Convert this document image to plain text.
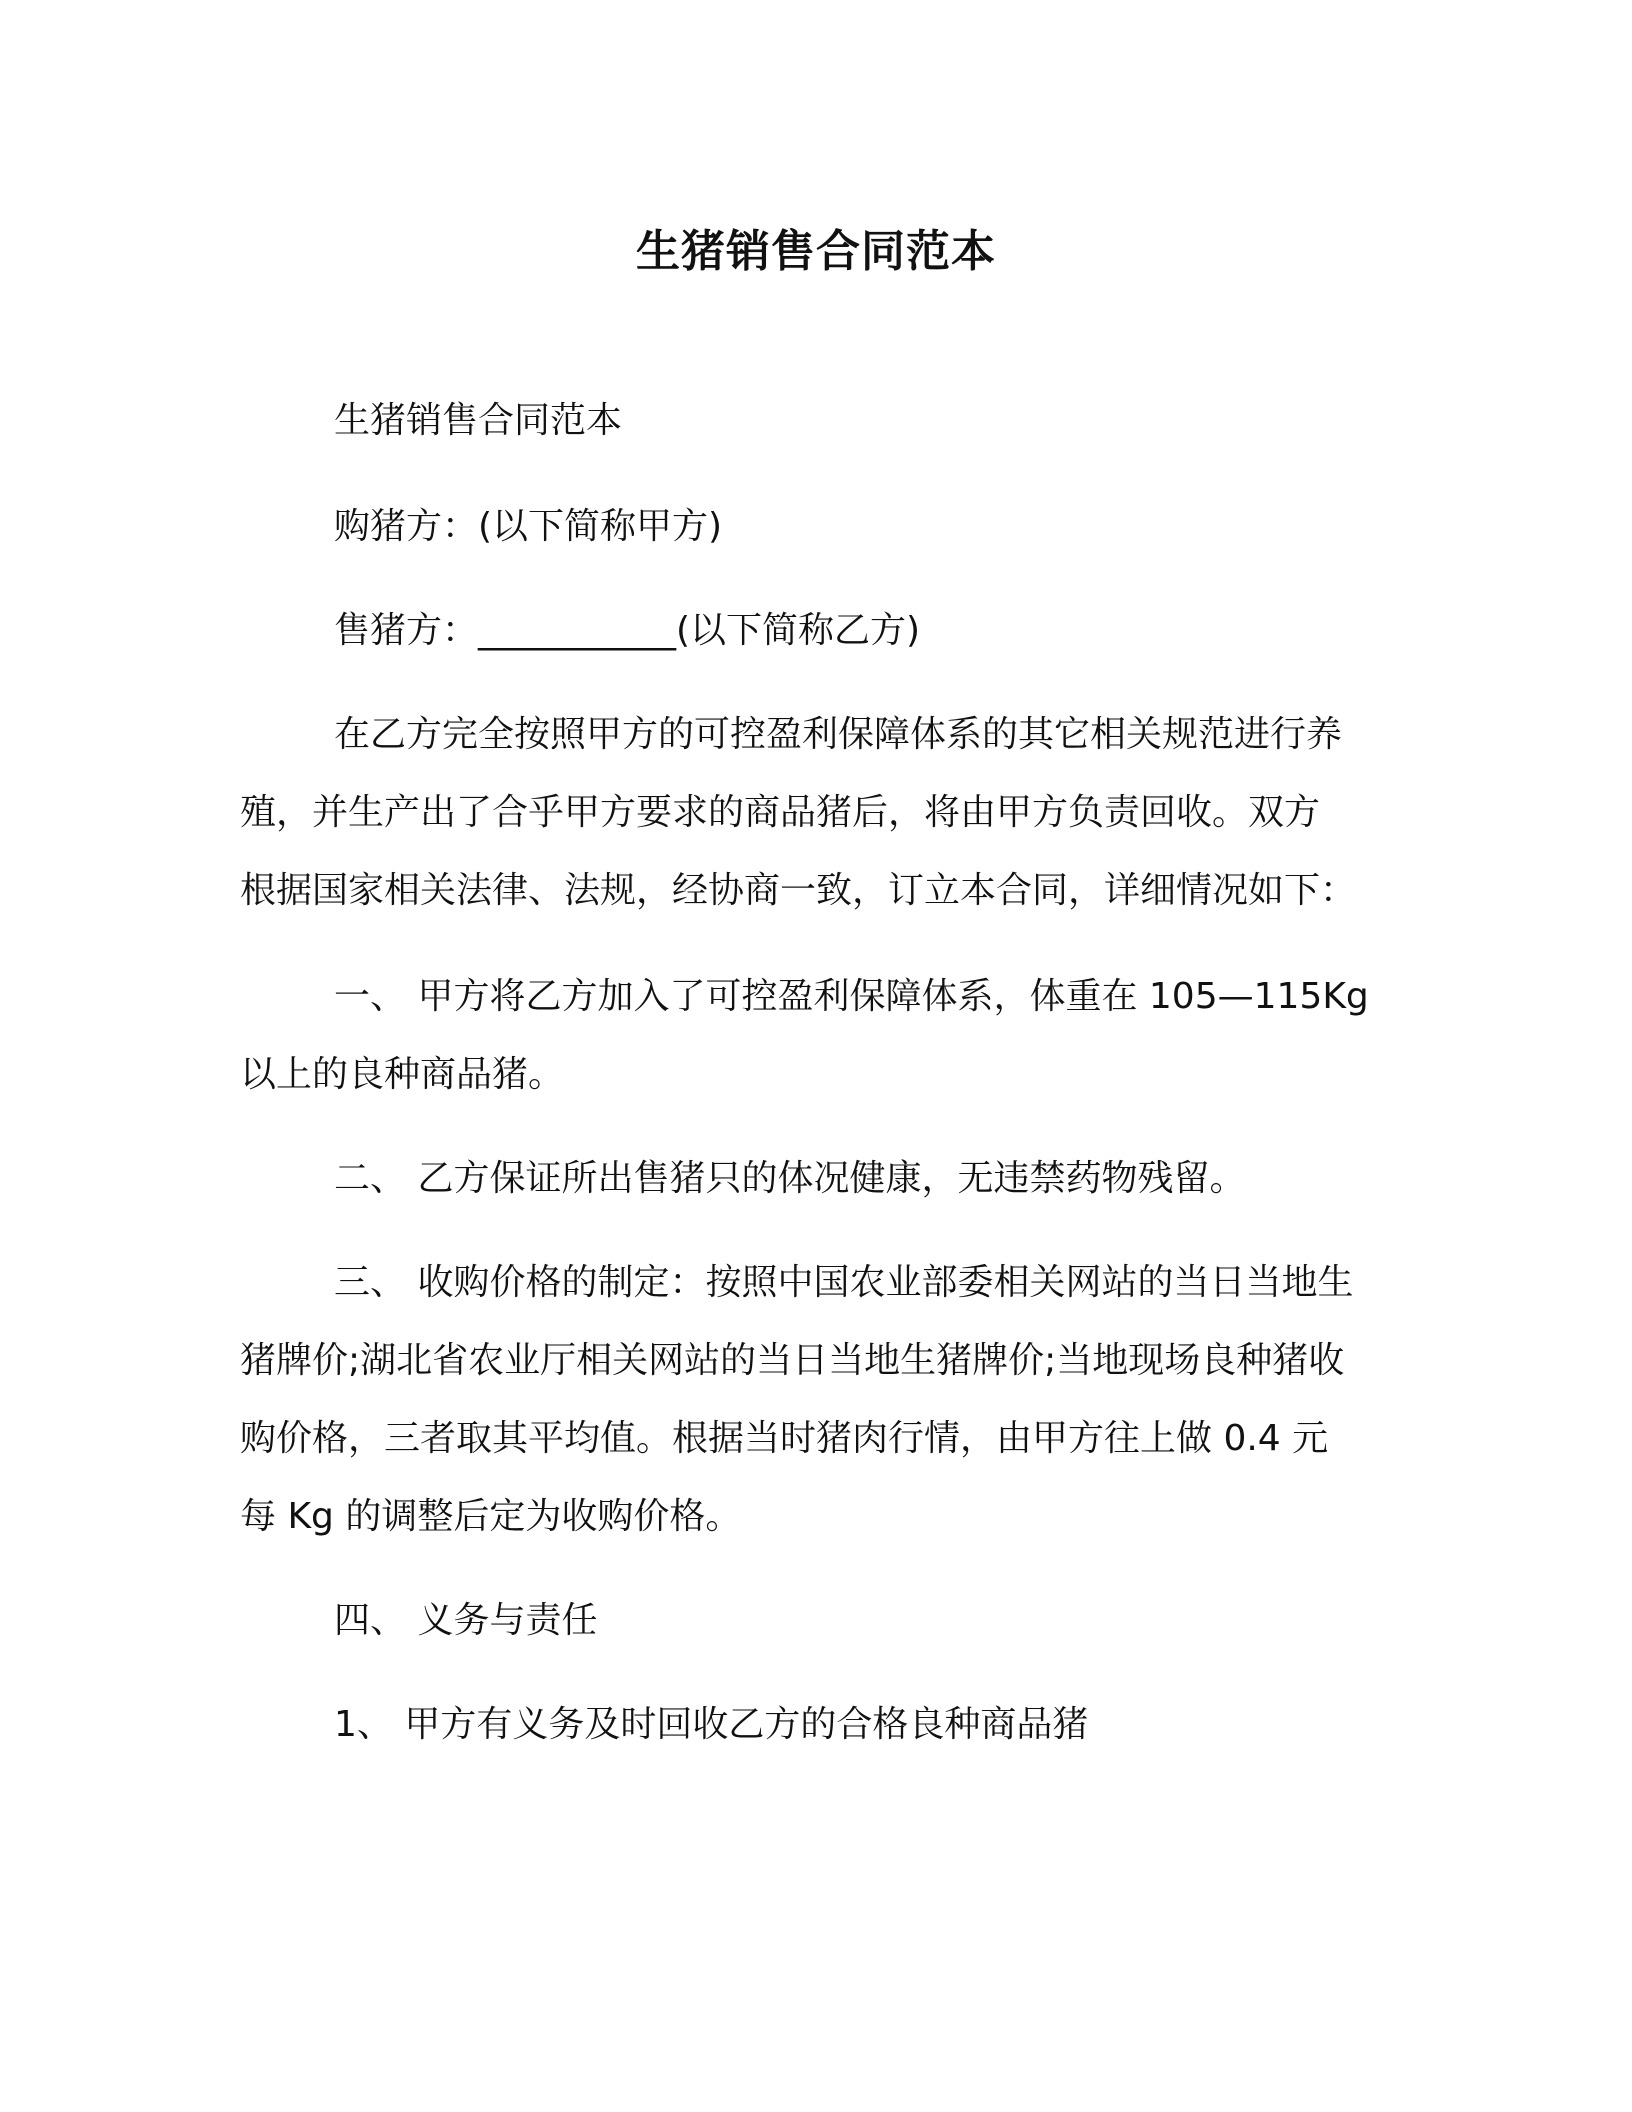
生猪销售合同范本
生猪销售合同范本
购猪方：(以下简称甲方)
售猪方：___________(以下简称乙方)
在乙方完全按照甲方的可控盈利保障体系的其它相关规范进行养
殖，并生产出了合乎甲方要求的商品猪后，将由甲方负责回收。双方
根据国家相关法律、法规，经协商一致，订立本合同，详细情况如下：
一、 甲方将乙方加入了可控盈利保障体系，体重在 105—115Kg
以上的良种商品猪。
二、 乙方保证所出售猪只的体况健康，无违禁药物残留。
三、 收购价格的制定：按照中国农业部委相关网站的当日当地生
猪牌价;湖北省农业厅相关网站的当日当地生猪牌价;当地现场良种猪收
购价格，三者取其平均值。根据当时猪肉行情，由甲方往上做 0.4 元
每 Kg 的调整后定为收购价格。
四、 义务与责任
1、 甲方有义务及时回收乙方的合格良种商品猪
